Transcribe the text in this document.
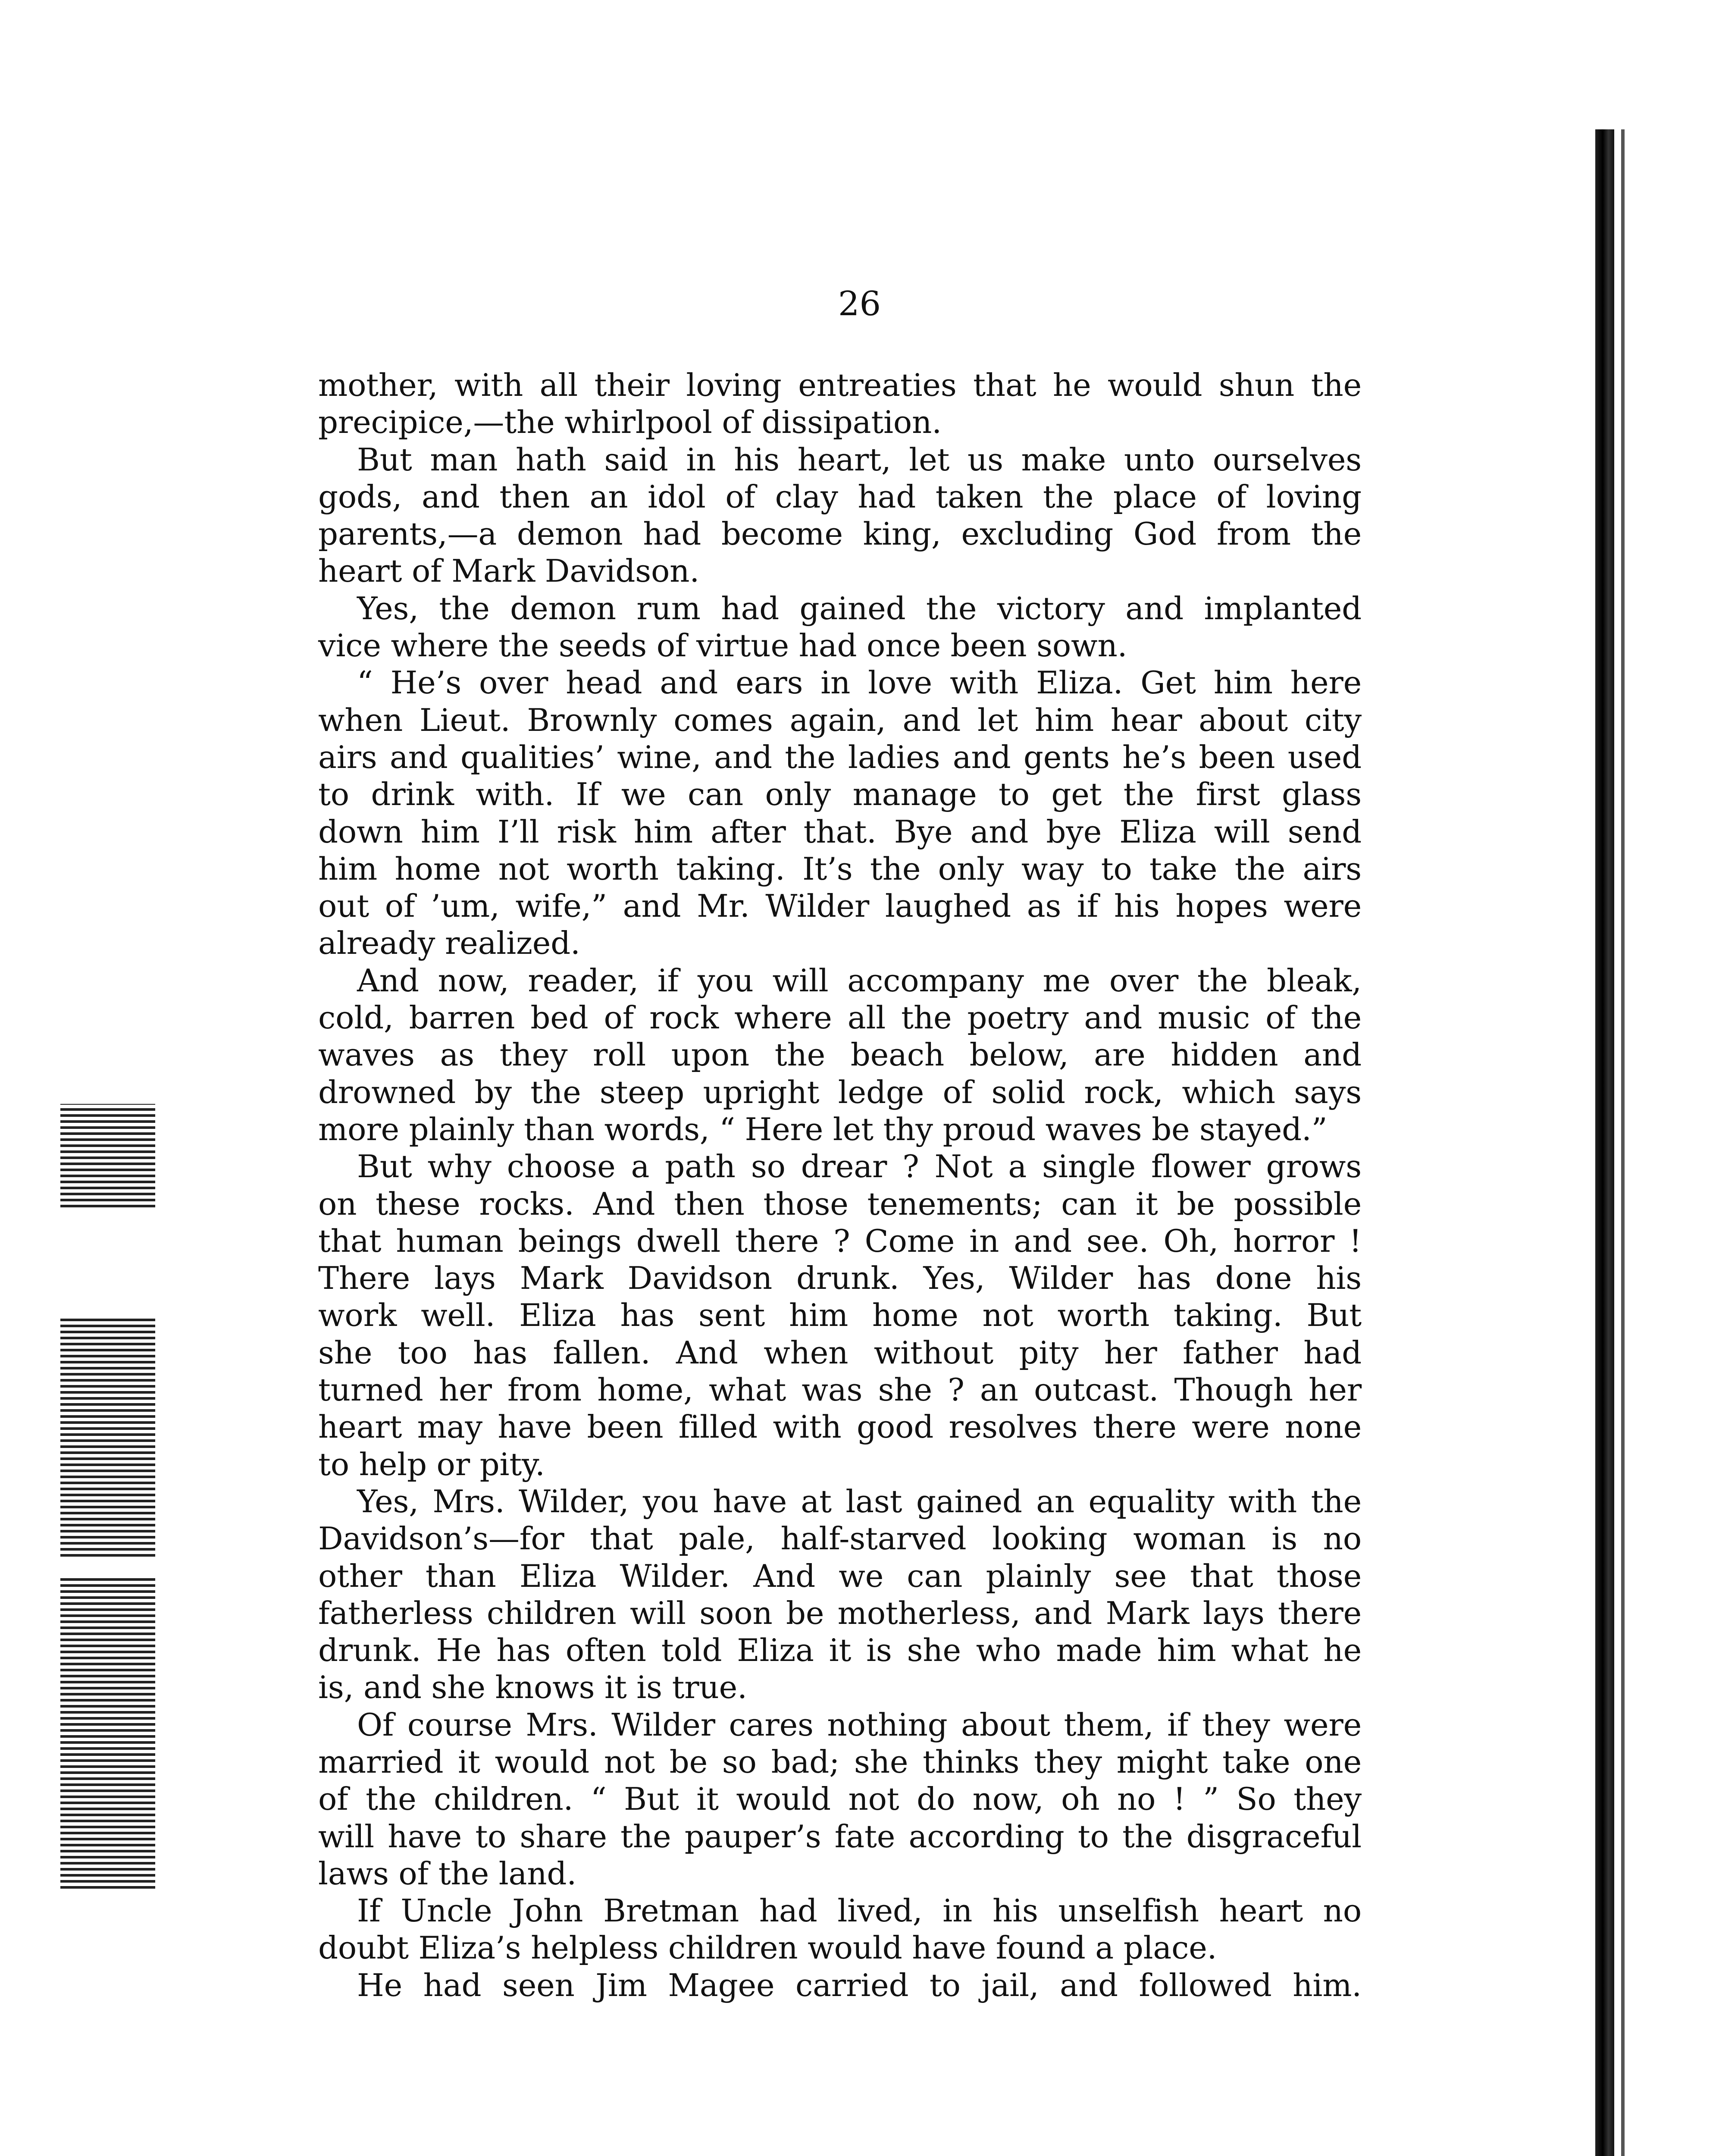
26
mother, with all their loving entreaties that he would shun the
precipice,—the whirlpool of dissipation.
But man hath said in his heart, let us make unto ourselves
gods, and then an idol of clay had taken the place of loving
parents,—a demon had become king, excluding God from the
heart of Mark Davidson.
Yes, the demon rum had gained the victory and implanted
vice where the seeds of virtue had once been sown.
“ He’s over head and ears in love with Eliza. Get him here
when Lieut. Brownly comes again, and let him hear about city
airs and qualities’ wine, and the ladies and gents he’s been used
to drink with. If we can only manage to get the first glass
down him I’ll risk him after that. Bye and bye Eliza will send
him home not worth taking. It’s the only way to take the airs
out of ’um, wife,” and Mr. Wilder laughed as if his hopes were
already realized.
And now, reader, if you will accompany me over the bleak,
cold, barren bed of rock where all the poetry and music of the
waves as they roll upon the beach below, are hidden and
drowned by the steep upright ledge of solid rock, which says
more plainly than words, “ Here let thy proud waves be stayed.”
But why choose a path so drear ? Not a single flower grows
on these rocks. And then those tenements; can it be possible
that human beings dwell there ? Come in and see. Oh, horror !
There lays Mark Davidson drunk. Yes, Wilder has done his
work well. Eliza has sent him home not worth taking. But
she too has fallen. And when without pity her father had
turned her from home, what was she ? an outcast. Though her
heart may have been filled with good resolves there were none
to help or pity.
Yes, Mrs. Wilder, you have at last gained an equality with the
Davidson’s—for that pale, half-starved looking woman is no
other than Eliza Wilder. And we can plainly see that those
fatherless children will soon be motherless, and Mark lays there
drunk. He has often told Eliza it is she who made him what he
is, and she knows it is true.
Of course Mrs. Wilder cares nothing about them, if they were
married it would not be so bad; she thinks they might take one
of the children. “ But it would not do now, oh no ! ” So they
will have to share the pauper’s fate according to the disgraceful
laws of the land.
If Uncle John Bretman had lived, in his unselfish heart no
doubt Eliza’s helpless children would have found a place.
He had seen Jim Magee carried to jail, and followed him.
